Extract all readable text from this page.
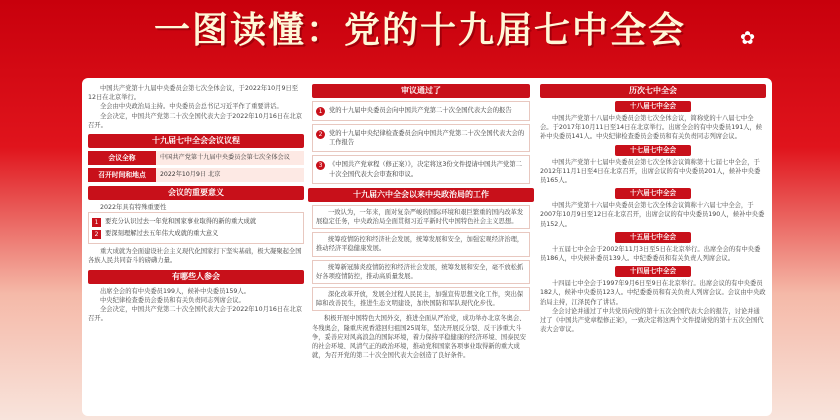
一图读懂：党的十九届七中全会	✿

中国共产党第十九届中央委员会第七次全体会议，于2022年10月9日至12日在北京举行。

全会由中央政治局主持。中央委员会总书记习近平作了重要讲话。

全会决定，中国共产党第二十次全国代表大会于2022年10月16日在北京召开。

十九届七中全会会议议程
会议全称	中国共产党第十九届中央委员会第七次全体会议
召开时间和地点	2022年10月9日 北京
会议的重要意义

2022年具有特殊重要性

1	要充分认识过去一年党和国家事业取得的新的重大成就
2	要深刻理解过去五年伟大成就的重大意义

重大成就为全面建设社会主义现代化国家打下坚实基础，极大凝聚起全国各族人民共同奋斗的磅礴力量。

有哪些人参会

出席全会的有中央委员199人，候补中央委员159人。

中央纪律检查委员会委员和有关负责同志列席会议。

全会决定，中国共产党第二十次全国代表大会于2022年10月16日在北京召开。

审议通过了
1	党的十九届中央委员会向中国共产党第二十次全国代表大会的报告
2	党的十九届中央纪律检查委员会向中国共产党第二十次全国代表大会的工作报告
3	《中国共产党章程（修正案）》，决定将这3份文件提请中国共产党第二十次全国代表大会审查和审议。
十九届六中全会以来中央政治局的工作

一致认为，一年来，面对复杂严峻的国际环境和艰巨繁重的国内改革发展稳定任务，中央政治局全面贯彻习近平新时代中国特色社会主义思想。

统筹疫情防控和经济社会发展，统筹发展和安全，加强宏观经济治理，推动经济平稳健康发展。

统筹新冠肺炎疫情防控和经济社会发展，统筹发展和安全，毫不放松抓好各项疫情防控，推动高质量发展。

深化改革开放，发展全过程人民民主，加强宣传思想文化工作，突出保障和改善民生，推进生态文明建设，加快国防和军队现代化步伐。

积极开展中国特色大国外交，推进全面从严治党，成功举办北京冬奥会、冬残奥会，隆重庆祝香港回归祖国25周年，坚决开展反分裂、反干涉重大斗争，妥善应对风高浪急的国际环境，着力保持平稳健康的经济环境、国泰民安的社会环境、风清气正的政治环境，推动党和国家各项事业取得新的重大成就，为召开党的第二十次全国代表大会创造了良好条件。

历次七中全会
十八届七中全会

中国共产党第十八届中央委员会第七次全体会议，简称党的十八届七中全会。于2017年10月11日至14日在北京举行。出席全会的有中央委员191人，候补中央委员141人。中央纪律检查委员会委员和有关负责同志列席会议。

十七届七中全会

中国共产党第十七届中央委员会第七次全体会议简称第十七届七中全会，于2012年11月1日至4日在北京召开，出席会议的有中央委员201人，候补中央委员165人。

十六届七中全会

中国共产党第十六届中央委员会第七次全体会议简称十六届七中全会，于2007年10月9日至12日在北京召开，出席会议的有中央委员190人，候补中央委员152人。

十五届七中全会

十五届七中全会于2002年11月3日至5日在北京举行。出席全会的有中央委员186人，中央候补委员139人。中纪委委员和有关负责人列席会议。

十四届七中全会

十四届七中全会于1997年9月6日至9日在北京举行。出席会议的有中央委员182人，候补中央委员123人。中纪委委员和有关负责人列席会议。会议由中央政治局主持，江泽民作了讲话。

全会讨论并通过了中共党员向党的第十五次全国代表大会的报告，讨论并通过了《中国共产党章程修正案》，一致决定将这两个文件提请党的第十五次全国代表大会审议。
